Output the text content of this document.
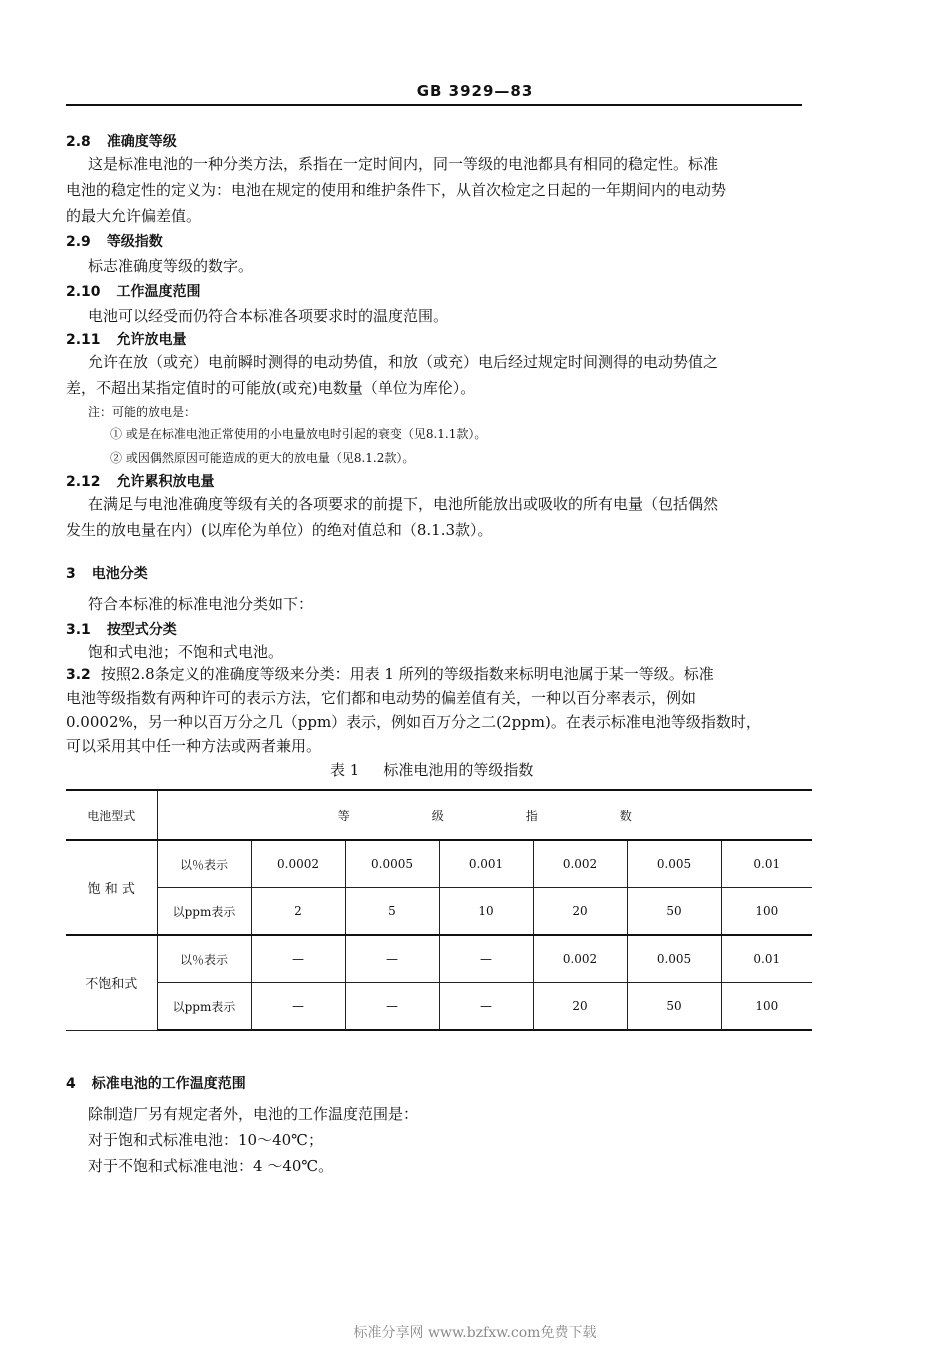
GB 3929—83
2.8 准确度等级
这是标准电池的一种分类方法，系指在一定时间内，同一等级的电池都具有相同的稳定性。标准
电池的稳定性的定义为：电池在规定的使用和维护条件下，从首次检定之日起的一年期间内的电动势
的最大允许偏差值。
2.9 等级指数
标志准确度等级的数字。
2.10 工作温度范围
电池可以经受而仍符合本标准各项要求时的温度范围。
2.11 允许放电量
允许在放（或充）电前瞬时测得的电动势值，和放（或充）电后经过规定时间测得的电动势值之
差，不超出某指定值时的可能放(或充)电数量（单位为库伦）。
注：可能的放电是：
① 或是在标准电池正常使用的小电量放电时引起的衰变（见8.1.1款）。
② 或因偶然原因可能造成的更大的放电量（见8.1.2款）。
2.12 允许累积放电量
在满足与电池准确度等级有关的各项要求的前提下，电池所能放出或吸收的所有电量（包括偶然
发生的放电量在内）(以库伦为单位）的绝对值总和（8.1.3款）。
3 电池分类
符合本标准的标准电池分类如下：
3.1 按型式分类
饱和式电池；不饱和式电池。
3.2 按照2.8条定义的准确度等级来分类：用表 1 所列的等级指数来标明电池属于某一等级。标准
电池等级指数有两种许可的表示方法，它们都和电动势的偏差值有关，一种以百分率表示，例如
0.0002%，另一种以百万分之几（ppm）表示，例如百万分之二(2ppm)。在表示标准电池等级指数时，
可以采用其中任一种方法或两者兼用。
表 1 标准电池用的等级指数
电池型式	等 级 指 数						

饱 和 式	以％表示	0.0002	0.0005	0.001	0.002	0.005	0.01
	以ppm表示	2	5	10	20	50	100
不饱和式	以％表示	—	—	—	0.002	0.005	0.01
	以ppm表示	—	—	—	20	50	100
4 标准电池的工作温度范围
除制造厂另有规定者外，电池的工作温度范围是：
对于饱和式标准电池：10～40℃；
对于不饱和式标准电池：4 ～40℃。
标准分享网 www.bzfxw.com免费下载
